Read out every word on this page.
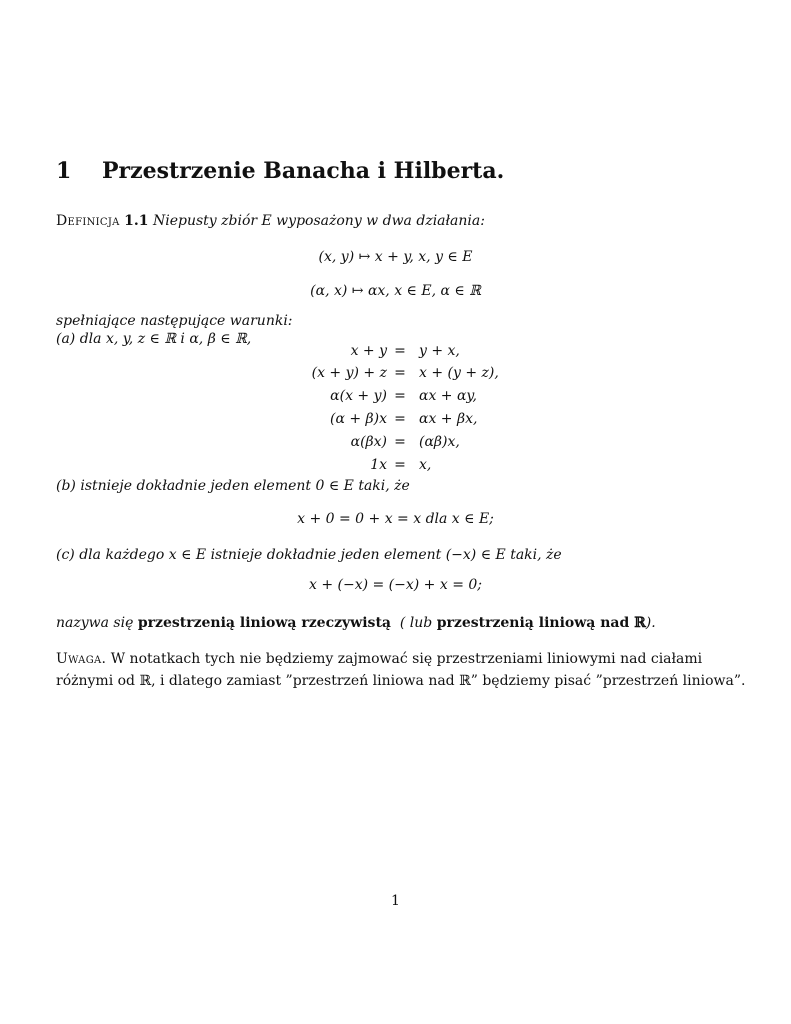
1 Przestrzenie Banacha i Hilberta.
Definicja 1.1 Niepusty zbiór E wyposażony w dwa działania:
(x, y) ↦ x + y, x, y ∈ E
(α, x) ↦ αx, x ∈ E, α ∈ ℝ
spełniające następujące warunki:
(a) dla x, y, z ∈ ℝ i α, β ∈ ℝ,
x + y = y + x,
(x + y) + z = x + (y + z),
α(x + y) = αx + αy,
(α + β)x = αx + βx,
α(βx) = (αβ)x,
1x = x,
(b) istnieje dokładnie jeden element 0 ∈ E taki, że
x + 0 = 0 + x = x dla x ∈ E;
(c) dla każdego x ∈ E istnieje dokładnie jeden element (−x) ∈ E taki, że
x + (−x) = (−x) + x = 0;
nazywa się przestrzenią liniową rzeczywistą  ( lub przestrzenią liniową nad ℝ).
Uwaga. W notatkach tych nie będziemy zajmować się przestrzeniami liniowymi nad ciałami różnymi od ℝ, i dlatego zamiast ”przestrzeń liniowa nad ℝ” będziemy pisać ”przestrzeń liniowa”.
1
